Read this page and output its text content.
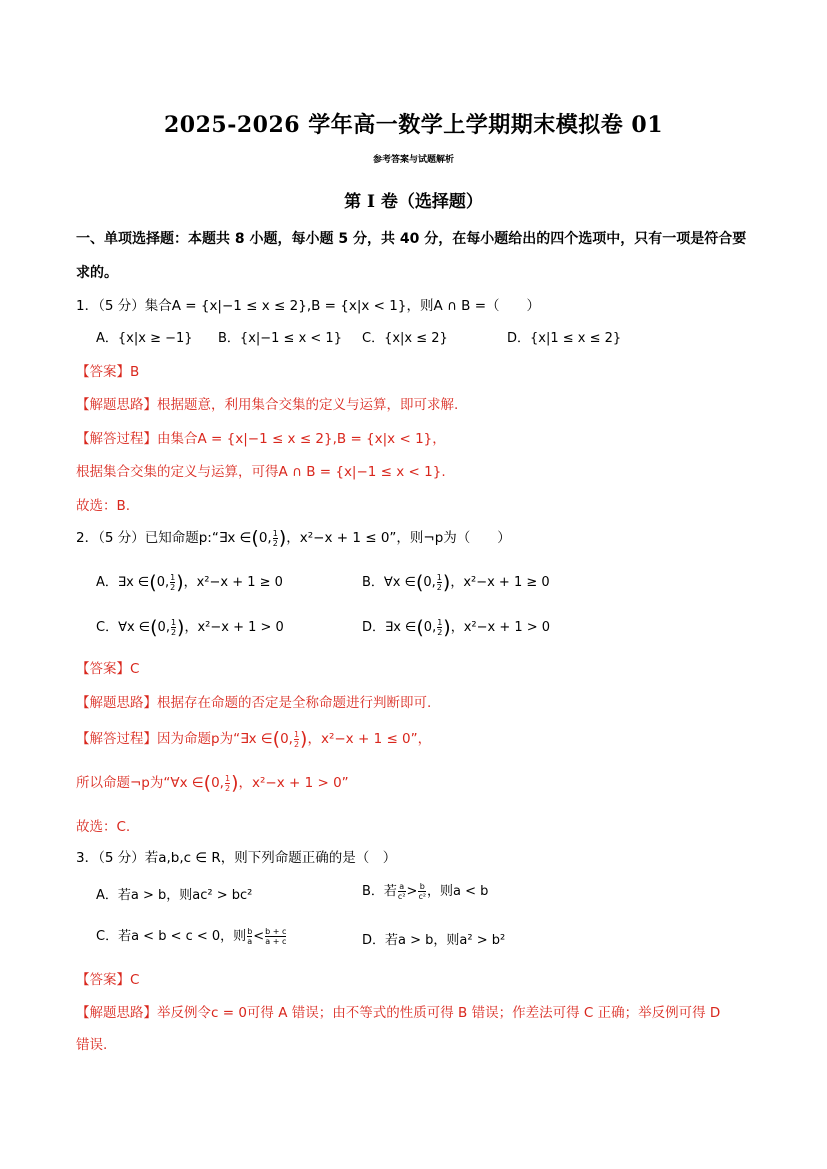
2025-2026 学年高一数学上学期期末模拟卷 01
参考答案与试题解析
第 I 卷（选择题）
一、单项选择题：本题共 8 小题，每小题 5 分，共 40 分，在每小题给出的四个选项中，只有一项是符合要
求的。
1．（5 分）集合A = {x|−1 ≤ x ≤ 2},B = {x|x < 1}，则A ∩ B =（　　）
A．{x|x ≥ −1} B．{x|−1 ≤ x < 1} C．{x|x ≤ 2}	D．{x|1 ≤ x ≤ 2}
【答案】B
【解题思路】根据题意，利用集合交集的定义与运算，即可求解.
【解答过程】由集合A = {x|−1 ≤ x ≤ 2},B = {x|x < 1}，
根据集合交集的定义与运算，可得A ∩ B = {x|−1 ≤ x < 1}.
故选：B.
2．（5 分）已知命题p:“∃x ∈(0, $\frac{1}{2}$ )，x²−x + 1 ≤ 0”，则¬p为（　　）
A．∃x ∈(0, $\frac{1}{2}$ )，x²−x + 1 ≥ 0	B．∀x ∈(0, $\frac{1}{2}$ )，x²−x + 1 ≥ 0
C．∀x ∈(0, $\frac{1}{2}$ )，x²−x + 1 > 0	D．∃x ∈(0, $\frac{1}{2}$ )，x²−x + 1 > 0
【答案】C
【解题思路】根据存在命题的否定是全称命题进行判断即可.
【解答过程】因为命题p为“∃x ∈(0, $\frac{1}{2}$ )，x²−x + 1 ≤ 0”，
所以命题¬p为“∀x ∈(0, $\frac{1}{2}$ )，x²−x + 1 > 0”
故选：C.
3．（5 分）若a,b,c ∈ R，则下列命题正确的是（　）
A．若a > b，则ac² > bc²	B．若 $\frac{a}{\text{c²}} > \frac{b}{\text{c²}}$ ，则a < b
C．若a < b < c < 0，则 $\frac{b}{a} < \frac{b + c}{a + c}$	D．若a > b，则a² > b²
【答案】C
【解题思路】举反例令c = 0可得 A 错误；由不等式的性质可得 B 错误；作差法可得 C 正确；举反例可得 D
错误.
